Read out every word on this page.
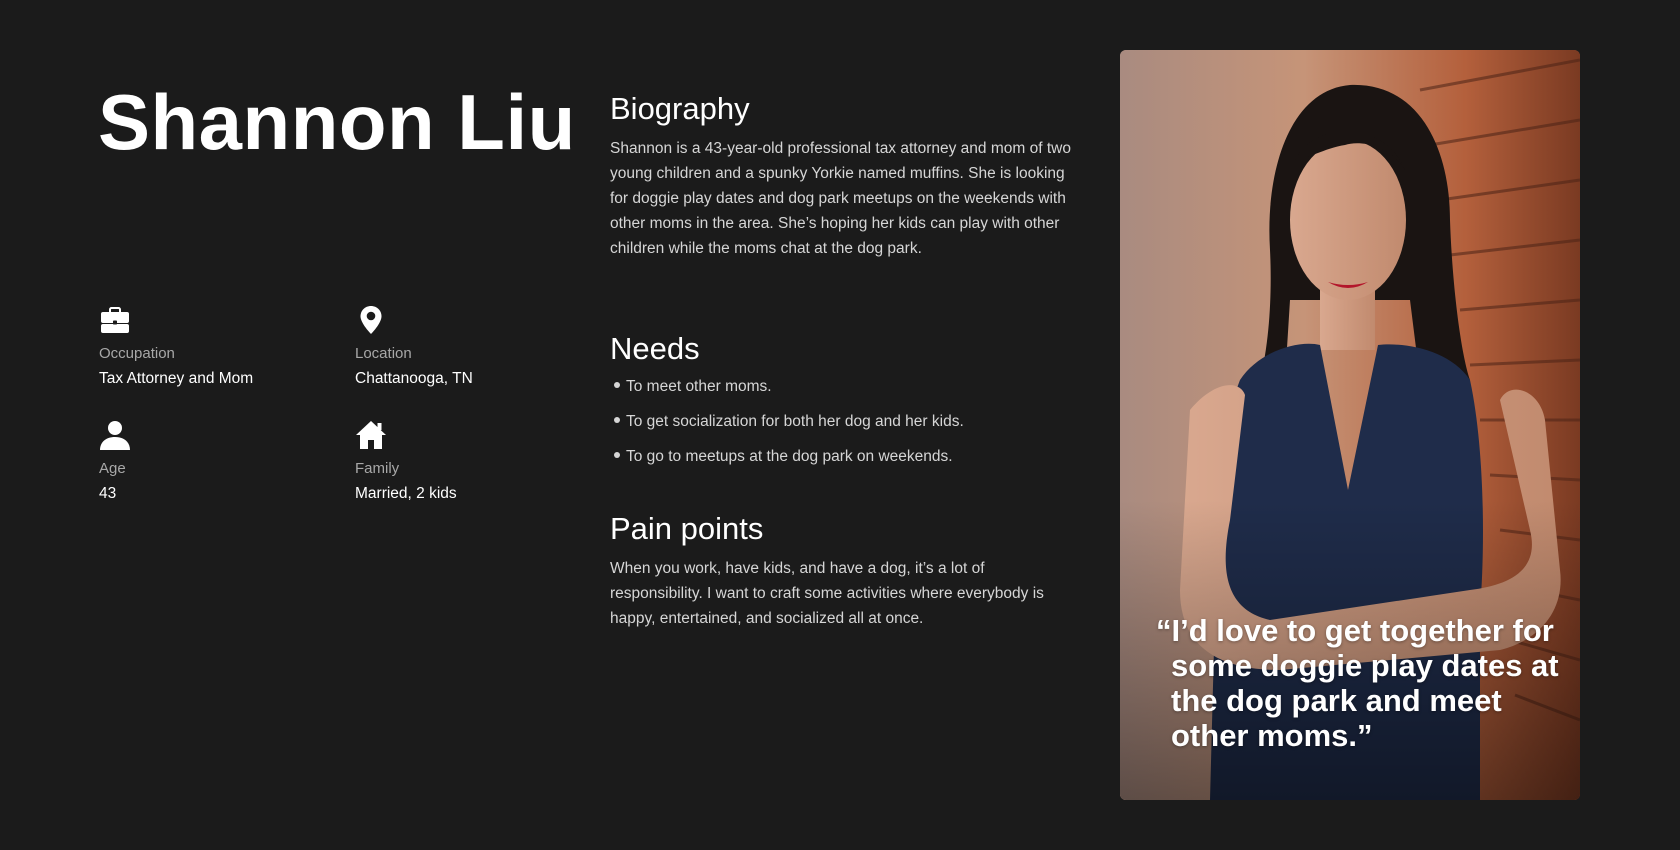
Shannon Liu
Occupation
Tax Attorney and Mom
Location
Chattanooga, TN
Age
43
Family
Married, 2 kids
Biography

Shannon is a 43-year-old professional tax attorney and mom of two young children and a spunky Yorkie named muffins. She is looking for doggie play dates and dog park meetups on the weekends with other moms in the area. She’s hoping her kids can play with other children while the moms chat at the dog park.

Needs
To meet other moms.
To get socialization for both her dog and her kids.
To go to meetups at the dog park on weekends.
Pain points

When you work, have kids, and have a dog, it’s a lot of responsibility. I want to craft some activities where everybody is happy, entertained, and socialized all at once.	“I’d love to get together for some doggie play dates at the dog park and meet other moms.”
